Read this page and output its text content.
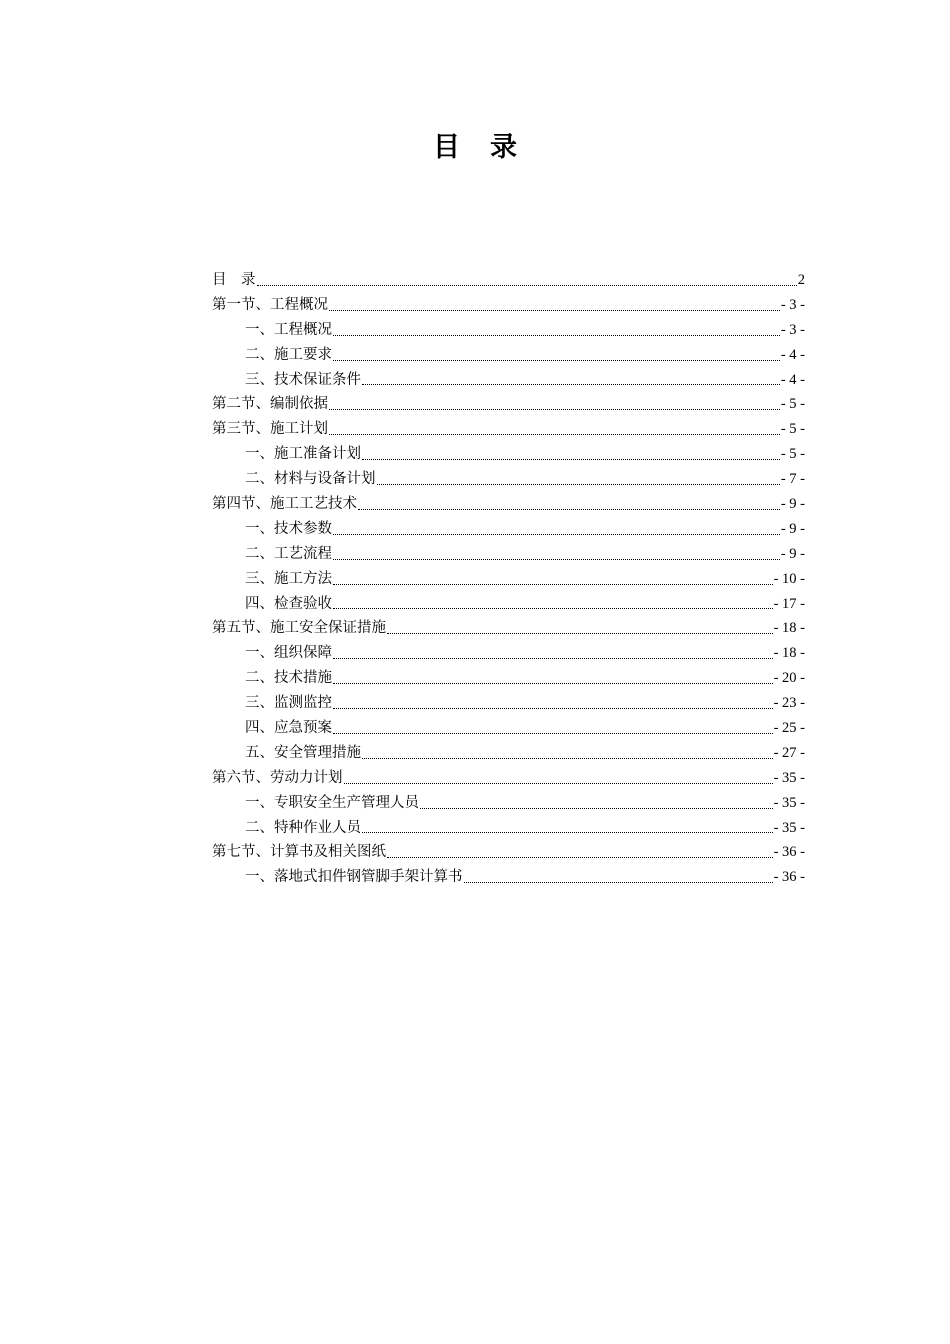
目录
目　录	2
第一节、工程概况	- 3 -
一、工程概况	- 3 -
二、施工要求	- 4 -
三、技术保证条件	- 4 -
第二节、编制依据	- 5 -
第三节、施工计划	- 5 -
一、施工准备计划	- 5 -
二、材料与设备计划	- 7 -
第四节、施工工艺技术	- 9 -
一、技术参数	- 9 -
二、工艺流程	- 9 -
三、施工方法	- 10 -
四、检查验收	- 17 -
第五节、施工安全保证措施	- 18 -
一、组织保障	- 18 -
二、技术措施	- 20 -
三、监测监控	- 23 -
四、应急预案	- 25 -
五、安全管理措施	- 27 -
第六节、劳动力计划	- 35 -
一、专职安全生产管理人员	- 35 -
二、特种作业人员	- 35 -
第七节、计算书及相关图纸	- 36 -
一、落地式扣件钢管脚手架计算书	- 36 -
